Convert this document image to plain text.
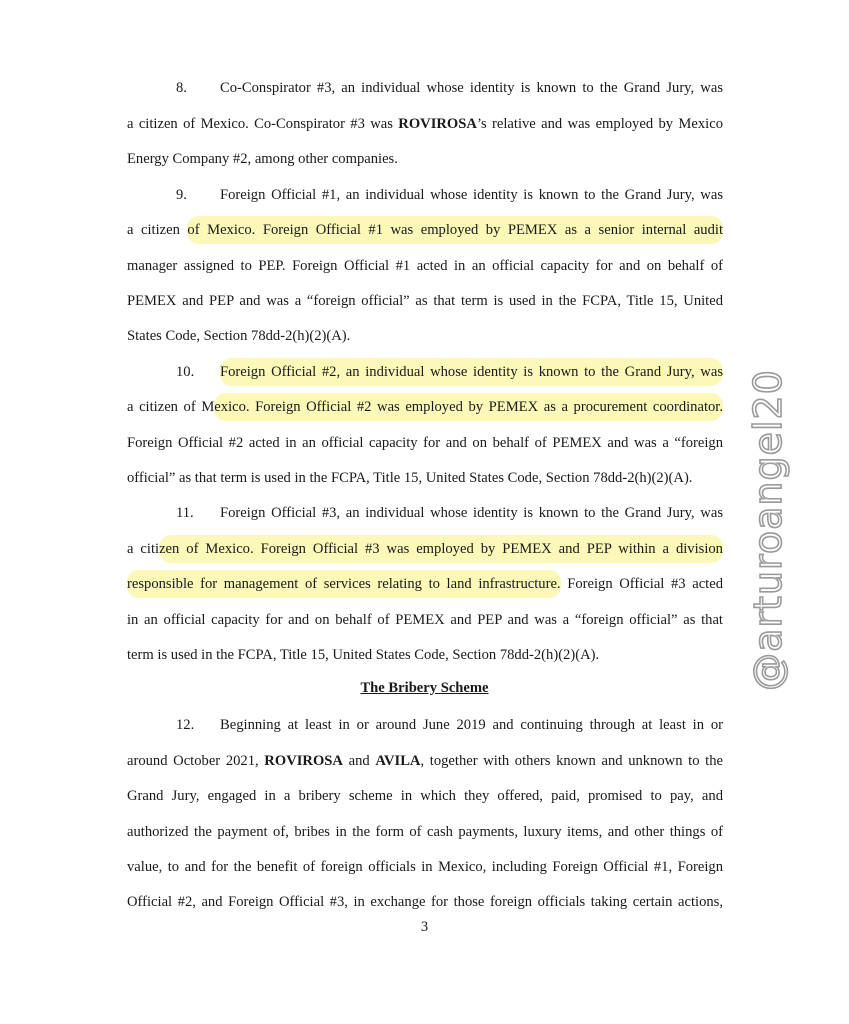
8. Co-Conspirator #3, an individual whose identity is known to the Grand Jury, was
a citizen of Mexico. Co-Conspirator #3 was ROVIROSA’s relative and was employed by Mexico
Energy Company #2, among other companies.
9. Foreign Official #1, an individual whose identity is known to the Grand Jury, was
a citizen of Mexico. Foreign Official #1 was employed by PEMEX as a senior internal audit
manager assigned to PEP. Foreign Official #1 acted in an official capacity for and on behalf of
PEMEX and PEP and was a “foreign official” as that term is used in the FCPA, Title 15, United
States Code, Section 78dd-2(h)(2)(A).
10. Foreign Official #2, an individual whose identity is known to the Grand Jury, was
a citizen of Mexico. Foreign Official #2 was employed by PEMEX as a procurement coordinator.
Foreign Official #2 acted in an official capacity for and on behalf of PEMEX and was a “foreign
official” as that term is used in the FCPA, Title 15, United States Code, Section 78dd-2(h)(2)(A).
11. Foreign Official #3, an individual whose identity is known to the Grand Jury, was
a citizen of Mexico. Foreign Official #3 was employed by PEMEX and PEP within a division
responsible for management of services relating to land infrastructure. Foreign Official #3 acted
in an official capacity for and on behalf of PEMEX and PEP and was a “foreign official” as that
term is used in the FCPA, Title 15, United States Code, Section 78dd-2(h)(2)(A).
The Bribery Scheme
12. Beginning at least in or around June 2019 and continuing through at least in or
around October 2021, ROVIROSA and AVILA, together with others known and unknown to the
Grand Jury, engaged in a bribery scheme in which they offered, paid, promised to pay, and
authorized the payment of, bribes in the form of cash payments, luxury items, and other things of
value, to and for the benefit of foreign officials in Mexico, including Foreign Official #1, Foreign
Official #2, and Foreign Official #3, in exchange for those foreign officials taking certain actions,
3
@arturoangel20
